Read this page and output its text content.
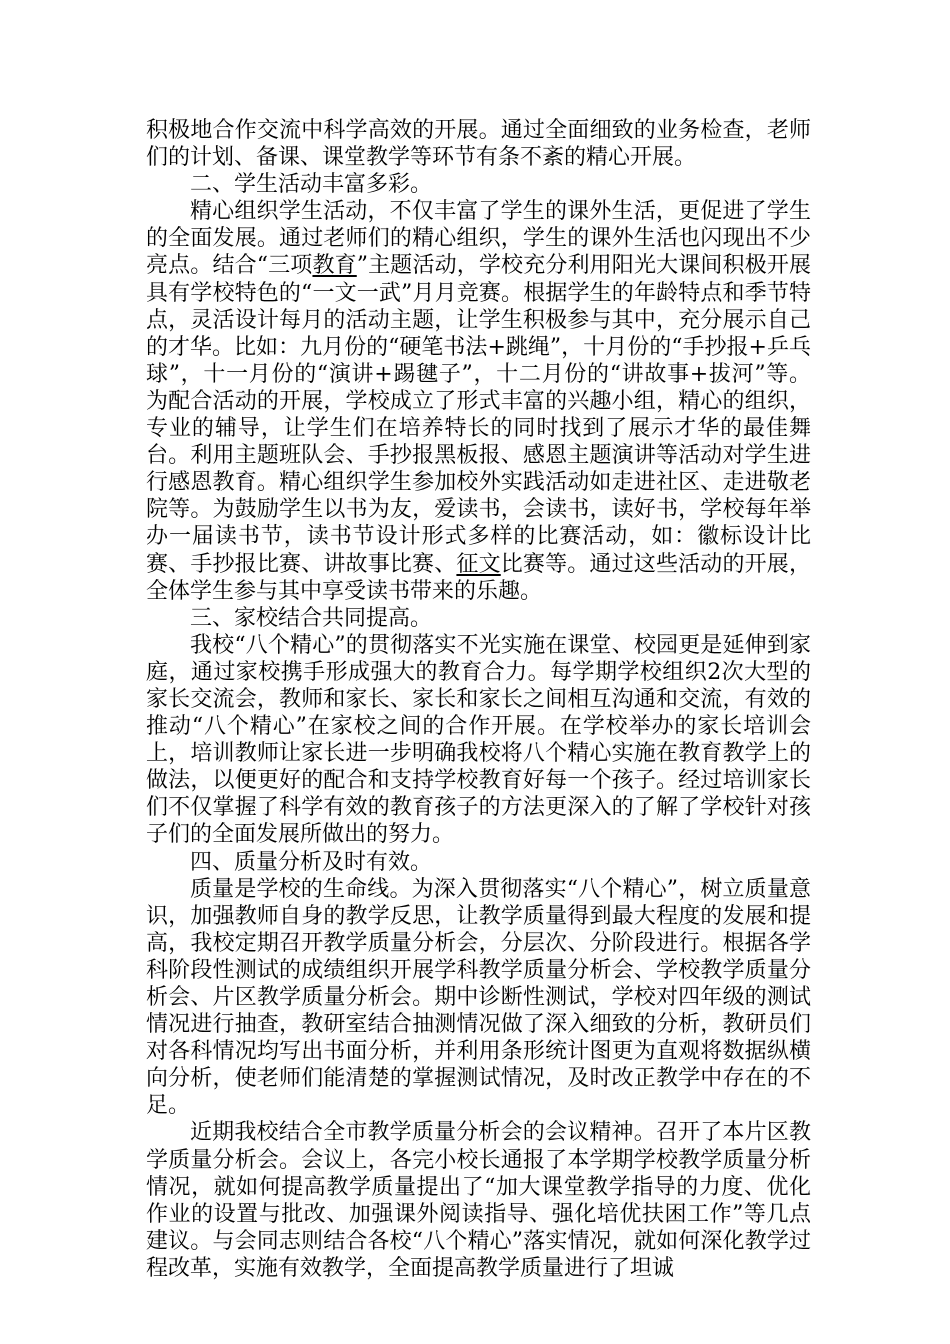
积极地合作交流中科学高效的开展。通过全面细致的业务检查，老师们的计划、备课、课堂教学等环节有条不紊的精心开展。

二、学生活动丰富多彩。

精心组织学生活动，不仅丰富了学生的课外生活，更促进了学生的全面发展。通过老师们的精心组织，学生的课外生活也闪现出不少亮点。结合“三项教育”主题活动，学校充分利用阳光大课间积极开展具有学校特色的“一文一武”月月竞赛。根据学生的年龄特点和季节特点，灵活设计每月的活动主题，让学生积极参与其中，充分展示自己的才华。比如：九月份的“硬笔书法+跳绳”，十月份的“手抄报+乒乓球”，十一月份的“演讲+踢毽子”，十二月份的“讲故事+拔河”等。为配合活动的开展，学校成立了形式丰富的兴趣小组，精心的组织，专业的辅导，让学生们在培养特长的同时找到了展示才华的最佳舞台。利用主题班队会、手抄报黑板报、感恩主题演讲等活动对学生进行感恩教育。精心组织学生参加校外实践活动如走进社区、走进敬老院等。为鼓励学生以书为友，爱读书，会读书，读好书，学校每年举办一届读书节，读书节设计形式多样的比赛活动，如：徽标设计比赛、手抄报比赛、讲故事比赛、征文比赛等。通过这些活动的开展，全体学生参与其中享受读书带来的乐趣。

三、家校结合共同提高。

我校“八个精心”的贯彻落实不光实施在课堂、校园更是延伸到家庭，通过家校携手形成强大的教育合力。每学期学校组织2次大型的家长交流会，教师和家长、家长和家长之间相互沟通和交流，有效的推动“八个精心”在家校之间的合作开展。在学校举办的家长培训会上，培训教师让家长进一步明确我校将八个精心实施在教育教学上的做法，以便更好的配合和支持学校教育好每一个孩子。经过培训家长们不仅掌握了科学有效的教育孩子的方法更深入的了解了学校针对孩子们的全面发展所做出的努力。

四、质量分析及时有效。

质量是学校的生命线。为深入贯彻落实“八个精心”，树立质量意识，加强教师自身的教学反思，让教学质量得到最大程度的发展和提高，我校定期召开教学质量分析会，分层次、分阶段进行。根据各学科阶段性测试的成绩组织开展学科教学质量分析会、学校教学质量分析会、片区教学质量分析会。期中诊断性测试，学校对四年级的测试情况进行抽查，教研室结合抽测情况做了深入细致的分析，教研员们对各科情况均写出书面分析，并利用条形统计图更为直观将数据纵横向分析，使老师们能清楚的掌握测试情况，及时改正教学中存在的不足。

近期我校结合全市教学质量分析会的会议精神。召开了本片区教学质量分析会。会议上，各完小校长通报了本学期学校教学质量分析情况，就如何提高教学质量提出了“加大课堂教学指导的力度、优化作业的设置与批改、加强课外阅读指导、强化培优扶困工作”等几点建议。与会同志则结合各校“八个精心”落实情况，就如何深化教学过程改革，实施有效教学，全面提高教学质量进行了坦诚
